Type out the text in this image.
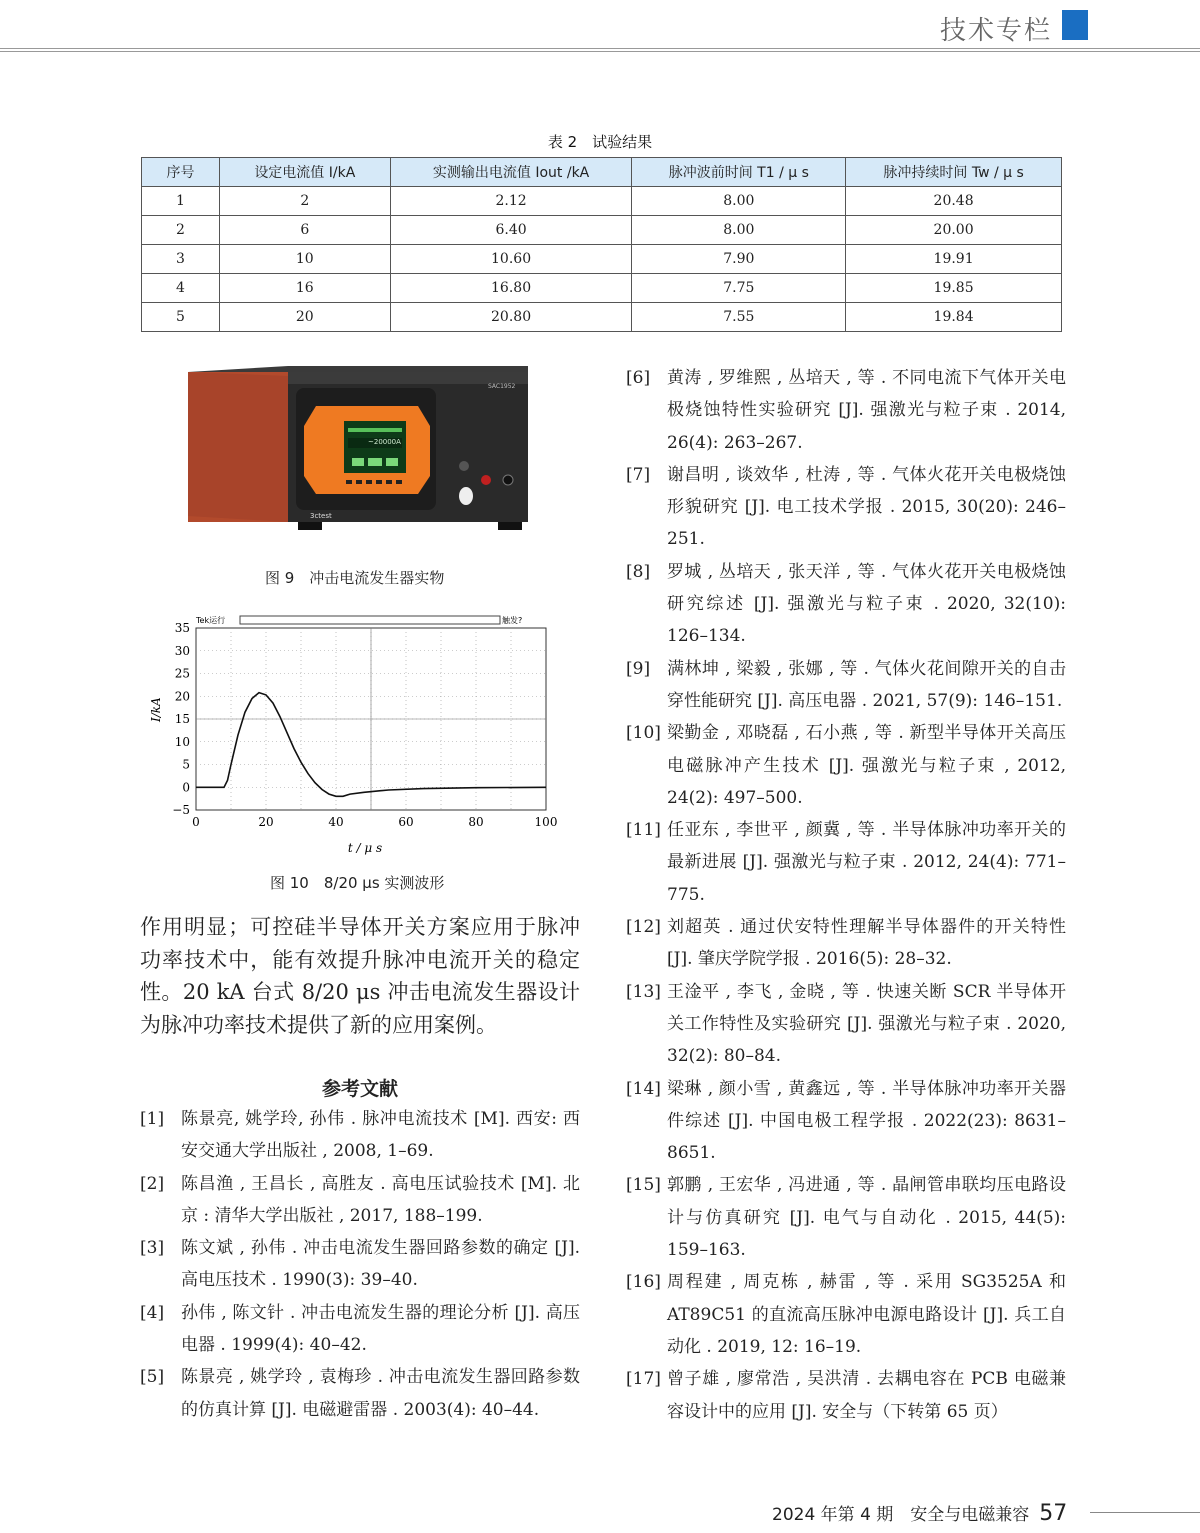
技术专栏
表 2　试验结果
序号	设定电流值 I/kA	实测输出电流值 Iout /kA	脉冲波前时间 T1 / μ s	脉冲持续时间 Tw / μ s
1	2	2.12	8.00	20.48
2	6	6.40	8.00	20.00
3	10	10.60	7.90	19.91
4	16	16.80	7.75	19.85
5	20	20.80	7.55	19.84
3ctest
SAC1952
~20000A
图 9　冲击电流发生器实物
0	20	40	60	80	100
35
30
25
20
15
10
5
0
−5
Tek运行	触发?
I/kA
t / μ s
图 10　8/20 μs 实测波形

作用明显；可控硅半导体开关方案应用于脉冲功率技术中，能有效提升脉冲电流开关的稳定性。20 kA 台式 8/20 μs 冲击电流发生器设计为脉冲功率技术提供了新的应用案例。

参考文献
[1] 陈景亮, 姚学玲, 孙伟 . 脉冲电流技术 [M]. 西安: 西安交通大学出版社 , 2008, 1–69.
[2] 陈昌渔 , 王昌长 , 高胜友 . 高电压试验技术 [M]. 北京 : 清华大学出版社 , 2017, 188–199.
[3] 陈文斌 , 孙伟 . 冲击电流发生器回路参数的确定 [J]. 高电压技术 . 1990(3): 39–40.
[4] 孙伟 , 陈文针 . 冲击电流发生器的理论分析 [J]. 高压电器 . 1999(4): 40–42.
[5] 陈景亮 , 姚学玲 , 袁梅珍 . 冲击电流发生器回路参数的仿真计算 [J]. 电磁避雷器 . 2003(4): 40–44.
[6] 黄涛 , 罗维熙 , 丛培天 , 等 . 不同电流下气体开关电极烧蚀特性实验研究 [J]. 强激光与粒子束 . 2014, 26(4): 263–267.
[7] 谢昌明 , 谈效华 , 杜涛 , 等 . 气体火花开关电极烧蚀形貌研究 [J]. 电工技术学报 . 2015, 30(20): 246–251.
[8] 罗城 , 丛培天 , 张天洋 , 等 . 气体火花开关电极烧蚀研究综述 [J]. 强激光与粒子束 . 2020, 32(10): 126–134.
[9] 满林坤 , 梁毅 , 张娜 , 等 . 气体火花间隙开关的自击穿性能研究 [J]. 高压电器 . 2021, 57(9): 146–151.
[10] 梁勤金 , 邓晓磊 , 石小燕 , 等 . 新型半导体开关高压电磁脉冲产生技术 [J]. 强激光与粒子束 , 2012, 24(2): 497–500.
[11] 任亚东 , 李世平 , 颜冀 , 等 . 半导体脉冲功率开关的最新进展 [J]. 强激光与粒子束 . 2012, 24(4): 771–775.
[12] 刘超英 . 通过伏安特性理解半导体器件的开关特性 [J]. 肇庆学院学报 . 2016(5): 28–32.
[13] 王淦平 , 李飞 , 金晓 , 等 . 快速关断 SCR 半导体开关工作特性及实验研究 [J]. 强激光与粒子束 . 2020, 32(2): 80–84.
[14] 梁琳 , 颜小雪 , 黄鑫远 , 等 . 半导体脉冲功率开关器件综述 [J]. 中国电极工程学报 . 2022(23): 8631–8651.
[15] 郭鹏 , 王宏华 , 冯进通 , 等 . 晶闸管串联均压电路设计与仿真研究 [J]. 电气与自动化 . 2015, 44(5): 159–163.
[16] 周程建 , 周克栋 , 赫雷 , 等 . 采用 SG3525A 和 AT89C51 的直流高压脉冲电源电路设计 [J]. 兵工自动化 . 2019, 12: 16–19.
[17] 曾子雄 , 廖常浩 , 吴洪清 . 去耦电容在 PCB 电磁兼容设计中的应用 [J]. 安全与（下转第 65 页）
2024 年第 4 期　安全与电磁兼容 57
